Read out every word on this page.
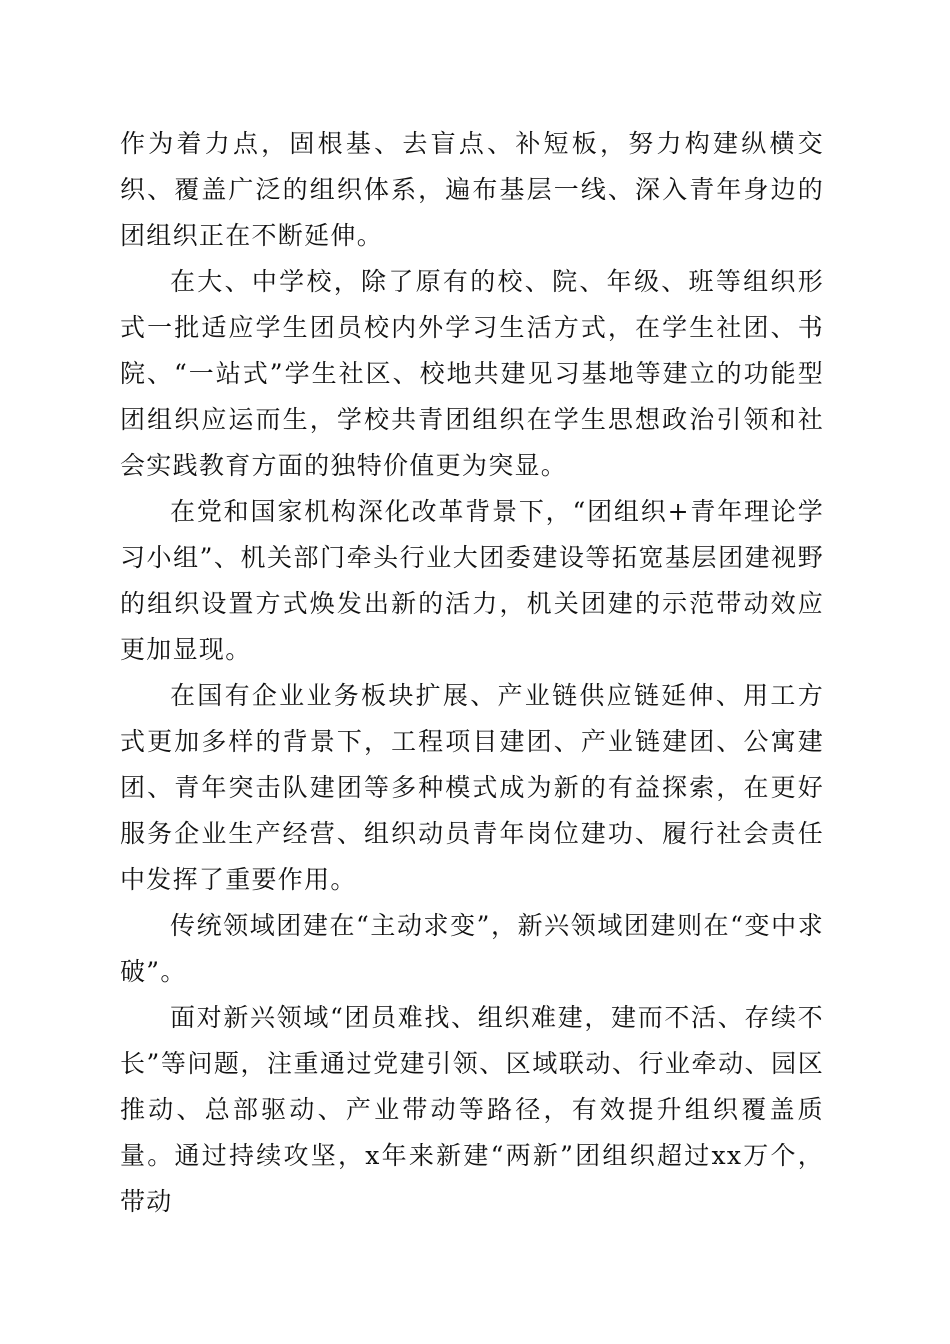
作为着力点，固根基、去盲点、补短板，努力构建纵横交织、覆盖广泛的组织体系，遍布基层一线、深入青年身边的团组织正在不断延伸。

在大、中学校，除了原有的校、院、年级、班等组织形式一批适应学生团员校内外学习生活方式，在学生社团、书院、“一站式”学生社区、校地共建见习基地等建立的功能型团组织应运而生，学校共青团组织在学生思想政治引领和社会实践教育方面的独特价值更为突显。

在党和国家机构深化改革背景下，“团组织+青年理论学习小组”、机关部门牵头行业大团委建设等拓宽基层团建视野的组织设置方式焕发出新的活力，机关团建的示范带动效应更加显现。

在国有企业业务板块扩展、产业链供应链延伸、用工方式更加多样的背景下，工程项目建团、产业链建团、公寓建团、青年突击队建团等多种模式成为新的有益探索，在更好服务企业生产经营、组织动员青年岗位建功、履行社会责任中发挥了重要作用。

传统领域团建在“主动求变”，新兴领域团建则在“变中求破”。

面对新兴领域“团员难找、组织难建，建而不活、存续不长”等问题，注重通过党建引领、区域联动、行业牵动、园区推动、总部驱动、产业带动等路径，有效提升组织覆盖质量。通过持续攻坚，x年来新建“两新”团组织超过xx万个，带动
